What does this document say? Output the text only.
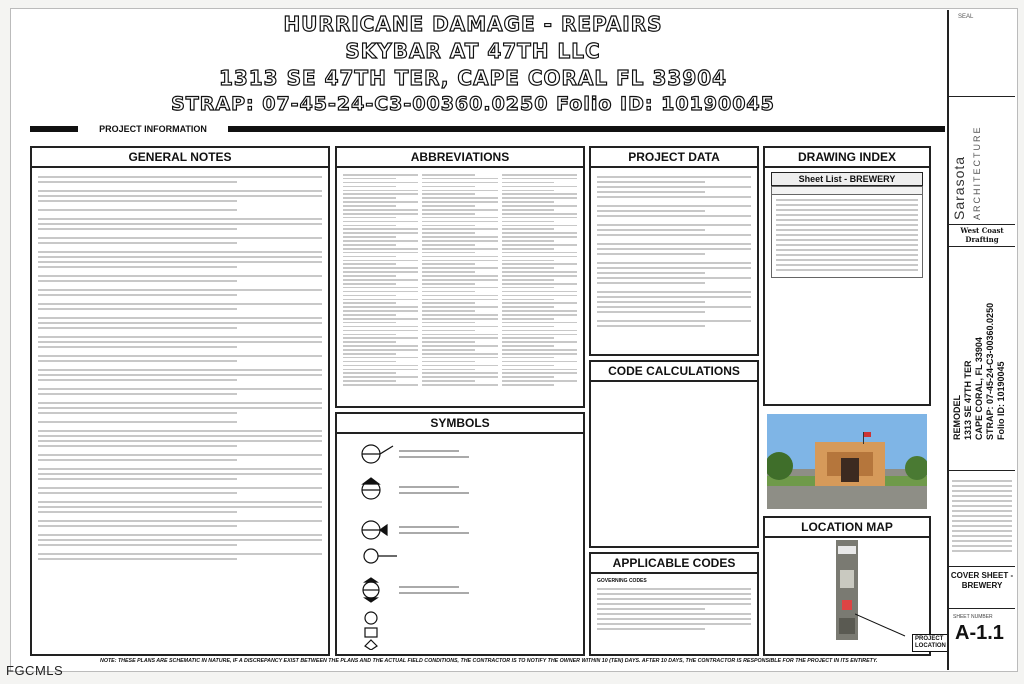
HURRICANE DAMAGE - REPAIRS
SKYBAR AT 47TH LLC
1313 SE 47TH TER, CAPE CORAL FL 33904
STRAP: 07-45-24-C3-00360.0250 Folio ID: 10190045
PROJECT INFORMATION
GENERAL NOTES	ABBREVIATIONS
SYMBOLS
PROJECT DATA
CODE CALCULATIONS
APPLICABLE CODES
GOVERNING CODES
DRAWING INDEX
Sheet List - BREWERY
LOCATION MAP
PROJECT
LOCATION
SEAL
Sarasota ARCHITECTURE
West Coast Drafting
REMODEL
1313 SE 47TH TER
CAPE CORAL, FL 33904
STRAP: 07-45-24-C3-00360.0250
Folio ID: 10190045
COVER SHEET - BREWERY
SHEET NUMBER
A-1.1
NOTE: THESE PLANS ARE SCHEMATIC IN NATURE, IF A DISCREPANCY EXIST BETWEEN THE PLANS AND THE ACTUAL FIELD CONDITIONS, THE CONTRACTOR IS TO NOTIFY THE OWNER WITHIN 10 (TEN) DAYS. AFTER 10 DAYS, THE CONTRACTOR IS RESPONSIBLE FOR THE PROJECT IN ITS ENTIRETY.
FGCMLS
